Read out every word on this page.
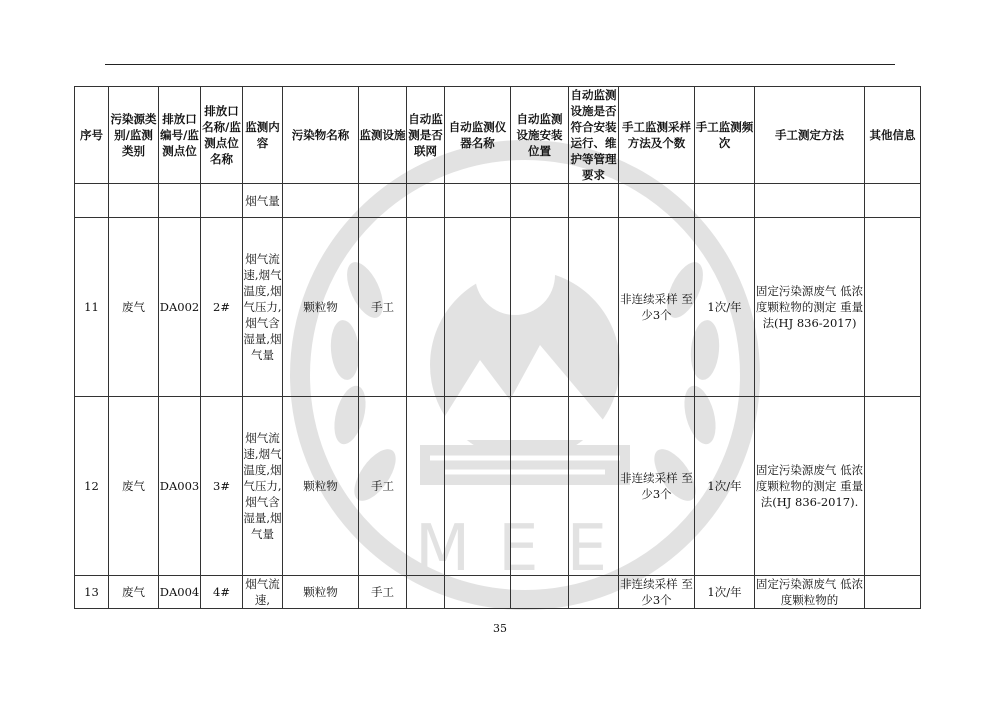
MEE
序号	污染源类别/监测类别	排放口编号/监测点位	排放口名称/监测点位名称	监测内容	污染物名称	监测设施	自动监测是否联网	自动监测仪器名称	自动监测设施安装位置	自动监测设施是否符合安装运行、维护等管理要求	手工监测采样方法及个数	手工监测频次	手工测定方法	其他信息
				烟气量										
11	废气	DA002	2#	烟气流速,烟气温度,烟气压力,烟气含湿量,烟气量	颗粒物	手工					非连续采样 至少3个	1次/年	固定污染源废气 低浓度颗粒物的测定 重量法(HJ 836-2017)	
12	废气	DA003	3#	烟气流速,烟气温度,烟气压力,烟气含湿量,烟气量	颗粒物	手工					非连续采样 至少3个	1次/年	固定污染源废气 低浓度颗粒物的测定 重量法(HJ 836-2017).	
13	废气	DA004	4#	烟气流速,	颗粒物	手工					非连续采样 至少3个	1次/年	固定污染源废气 低浓度颗粒物的	
35
